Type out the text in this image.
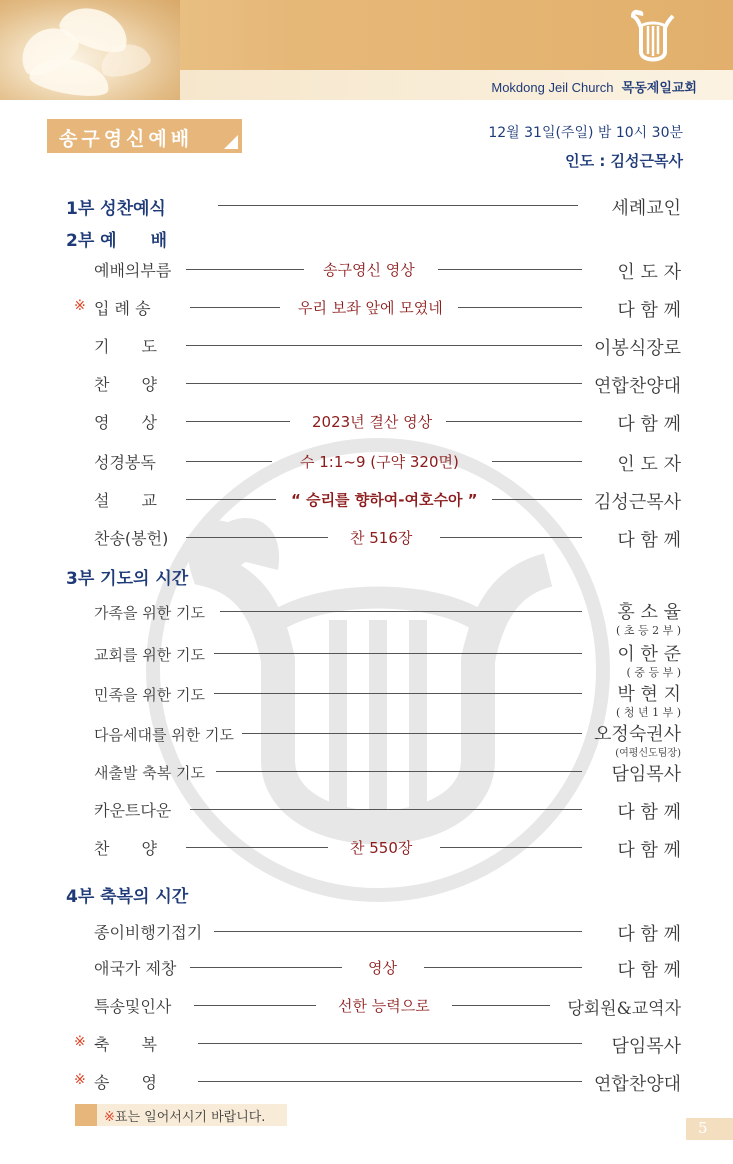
Mokdong Jeil Church 목동제일교회
송구영신예배	12월 31일(주일) 밤 10시 30분
인도 : 김성근목사
1부 성찬예식	세례교인
2부 예　　배
예배의부름	송구영신 영상	인 도 자
※ 입 례 송	우리 보좌 앞에 모였네	다 함 께
기　　도	이봉식장로
찬　　양	연합찬양대
영　　상	2023년 결산 영상	다 함 께
성경봉독	수 1:1~9 (구약 320면)	인 도 자
설　　교	“ 승리를 향하여-여호수아 ”	김성근목사
찬송(봉헌)	찬 516장	다 함 께
3부 기도의 시간
가족을 위한 기도	홍 소 율
( 초 등 2 부 )
교회를 위한 기도	이 한 준
( 중 등 부 )
민족을 위한 기도	박 현 지
( 청 년 1 부 )
다음세대를 위한 기도	오정숙권사
(여평신도팀장)
새출발 축복 기도	담임목사
카운트다운	다 함 께
찬　　양	찬 550장	다 함 께
4부 축복의 시간
종이비행기접기	다 함 께
애국가 제창	영상	다 함 께
특송및인사	선한 능력으로	당회원&교역자
※ 축　　복	담임목사
※ 송　　영	연합찬양대
※표는 일어서시기 바랍니다.
5
